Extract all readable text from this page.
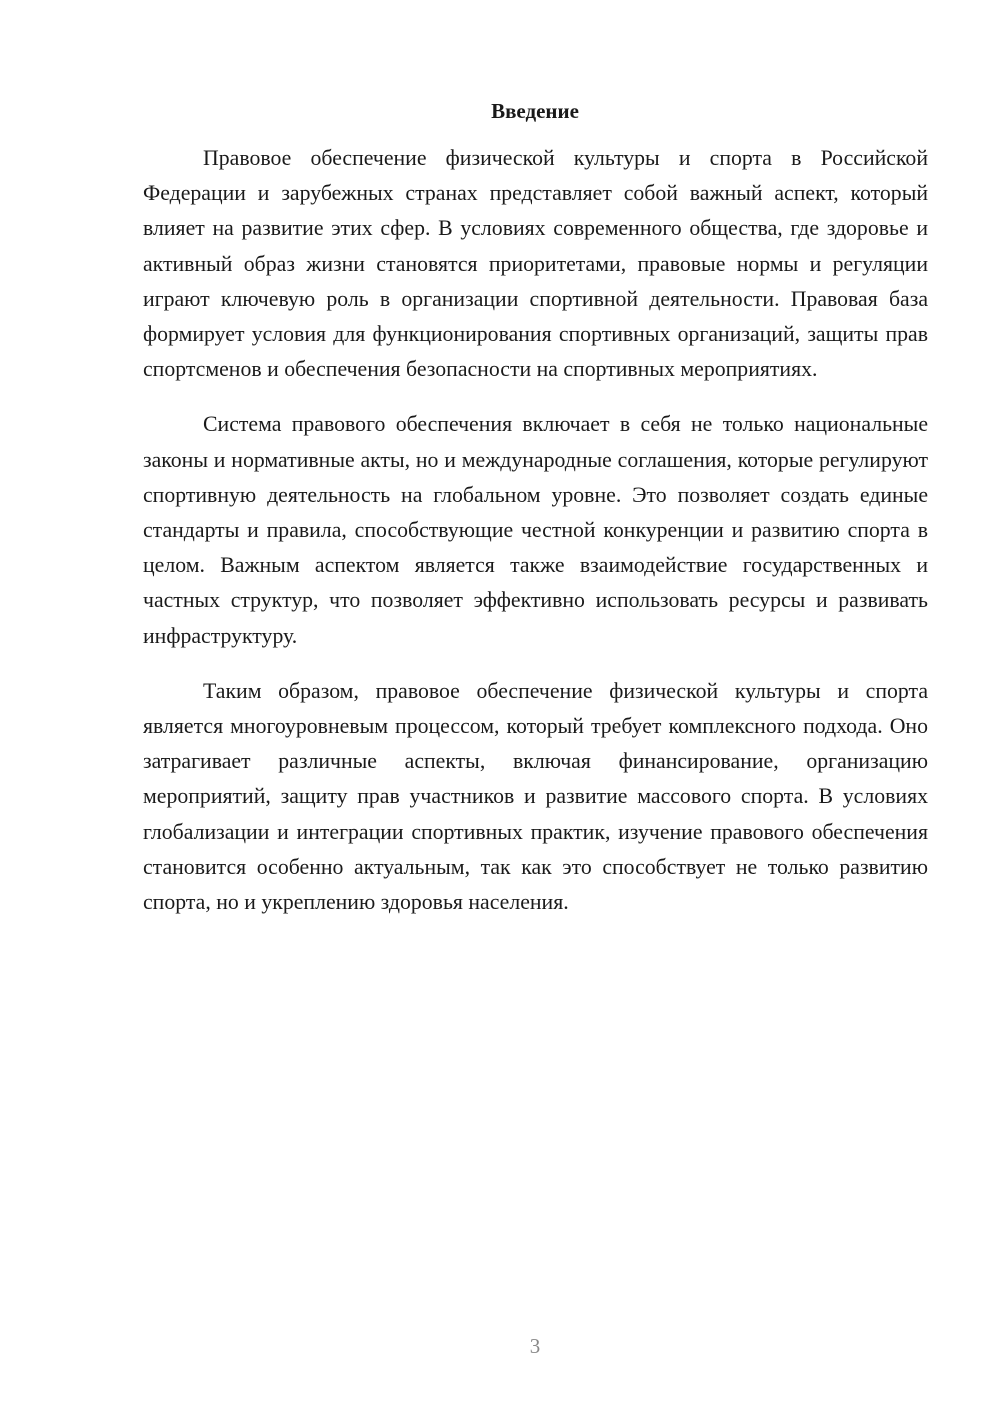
Введение

Правовое обеспечение физической культуры и спорта в Российской Федерации и зарубежных странах представляет собой важный аспект, который влияет на развитие этих сфер. В условиях современного общества, где здоровье и активный образ жизни становятся приоритетами, правовые нормы и регуляции играют ключевую роль в организации спортивной деятельности. Правовая база формирует условия для функционирования спортивных организаций, защиты прав спортсменов и обеспечения безопасности на спортивных мероприятиях.

Система правового обеспечения включает в себя не только национальные законы и нормативные акты, но и международные соглашения, которые регулируют спортивную деятельность на глобальном уровне. Это позволяет создать единые стандарты и правила, способствующие честной конкуренции и развитию спорта в целом. Важным аспектом является также взаимодействие государственных и частных структур, что позволяет эффективно использовать ресурсы и развивать инфраструктуру.

Таким образом, правовое обеспечение физической культуры и спорта является многоуровневым процессом, который требует комплексного подхода. Оно затрагивает различные аспекты, включая финансирование, организацию мероприятий, защиту прав участников и развитие массового спорта. В условиях глобализации и интеграции спортивных практик, изучение правового обеспечения становится особенно актуальным, так как это способствует не только развитию спорта, но и укреплению здоровья населения.

3
